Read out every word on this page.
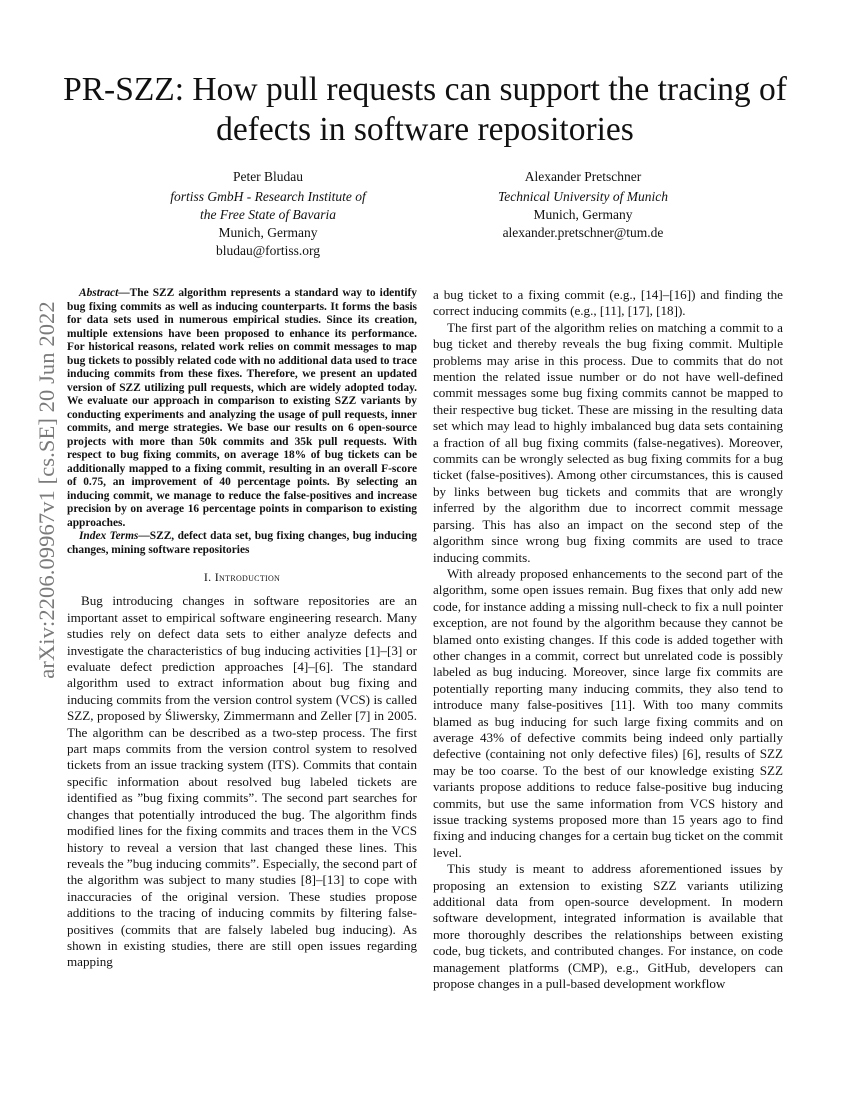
arXiv:2206.09967v1 [cs.SE] 20 Jun 2022
PR-SZZ: How pull requests can support the tracing of defects in software repositories
Peter Bludau
fortiss GmbH - Research Institute of
the Free State of Bavaria
Munich, Germany
bludau@fortiss.org
Alexander Pretschner
Technical University of Munich
Munich, Germany
alexander.pretschner@tum.de

Abstract—The SZZ algorithm represents a standard way to identify bug fixing commits as well as inducing counterparts. It forms the basis for data sets used in numerous empirical studies. Since its creation, multiple extensions have been proposed to enhance its performance. For historical reasons, related work relies on commit messages to map bug tickets to possibly related code with no additional data used to trace inducing commits from these fixes. Therefore, we present an updated version of SZZ utilizing pull requests, which are widely adopted today. We evaluate our approach in comparison to existing SZZ variants by conducting experiments and analyzing the usage of pull requests, inner commits, and merge strategies. We base our results on 6 open-source projects with more than 50k commits and 35k pull requests. With respect to bug fixing commits, on average 18% of bug tickets can be additionally mapped to a fixing commit, resulting in an overall F-score of 0.75, an improvement of 40 percentage points. By selecting an inducing commit, we manage to reduce the false-positives and increase precision by on average 16 percentage points in comparison to existing approaches.

Index Terms—SZZ, defect data set, bug fixing changes, bug inducing changes, mining software repositories

I. Introduction

Bug introducing changes in software repositories are an important asset to empirical software engineering research. Many studies rely on defect data sets to either analyze defects and investigate the characteristics of bug inducing activities [1]–[3] or evaluate defect prediction approaches [4]–[6]. The standard algorithm used to extract information about bug fixing and inducing commits from the version control system (VCS) is called SZZ, proposed by Śliwersky, Zimmermann and Zeller [7] in 2005. The algorithm can be described as a two-step process. The first part maps commits from the version control system to resolved tickets from an issue tracking system (ITS). Commits that contain specific information about resolved bug labeled tickets are identified as ”bug fixing commits”. The second part searches for changes that potentially introduced the bug. The algorithm finds modified lines for the fixing commits and traces them in the VCS history to reveal a version that last changed these lines. This reveals the ”bug inducing commits”. Especially, the second part of the algorithm was subject to many studies [8]–[13] to cope with inaccuracies of the original version. These studies propose additions to the tracing of inducing commits by filtering false-positives (commits that are falsely labeled bug inducing). As shown in existing studies, there are still open issues regarding mapping

a bug ticket to a fixing commit (e.g., [14]–[16]) and finding the correct inducing commits (e.g., [11], [17], [18]).

The first part of the algorithm relies on matching a commit to a bug ticket and thereby reveals the bug fixing commit. Multiple problems may arise in this process. Due to commits that do not mention the related issue number or do not have well-defined commit messages some bug fixing commits cannot be mapped to their respective bug ticket. These are missing in the resulting data set which may lead to highly imbalanced bug data sets containing a fraction of all bug fixing commits (false-negatives). Moreover, commits can be wrongly selected as bug fixing commits for a bug ticket (false-positives). Among other circumstances, this is caused by links between bug tickets and commits that are wrongly inferred by the algorithm due to incorrect commit message parsing. This has also an impact on the second step of the algorithm since wrong bug fixing commits are used to trace inducing commits.

With already proposed enhancements to the second part of the algorithm, some open issues remain. Bug fixes that only add new code, for instance adding a missing null-check to fix a null pointer exception, are not found by the algorithm because they cannot be blamed onto existing changes. If this code is added together with other changes in a commit, correct but unrelated code is possibly labeled as bug inducing. Moreover, since large fix commits are potentially reporting many inducing commits, they also tend to introduce many false-positives [11]. With too many commits blamed as bug inducing for such large fixing commits and on average 43% of defective commits being indeed only partially defective (containing not only defective files) [6], results of SZZ may be too coarse. To the best of our knowledge existing SZZ variants propose additions to reduce false-positive bug inducing commits, but use the same information from VCS history and issue tracking systems proposed more than 15 years ago to find fixing and inducing changes for a certain bug ticket on the commit level.

This study is meant to address aforementioned issues by proposing an extension to existing SZZ variants utilizing additional data from open-source development. In modern software development, integrated information is available that more thoroughly describes the relationships between existing code, bug tickets, and contributed changes. For instance, on code management platforms (CMP), e.g., GitHub, developers can propose changes in a pull-based development workflow
